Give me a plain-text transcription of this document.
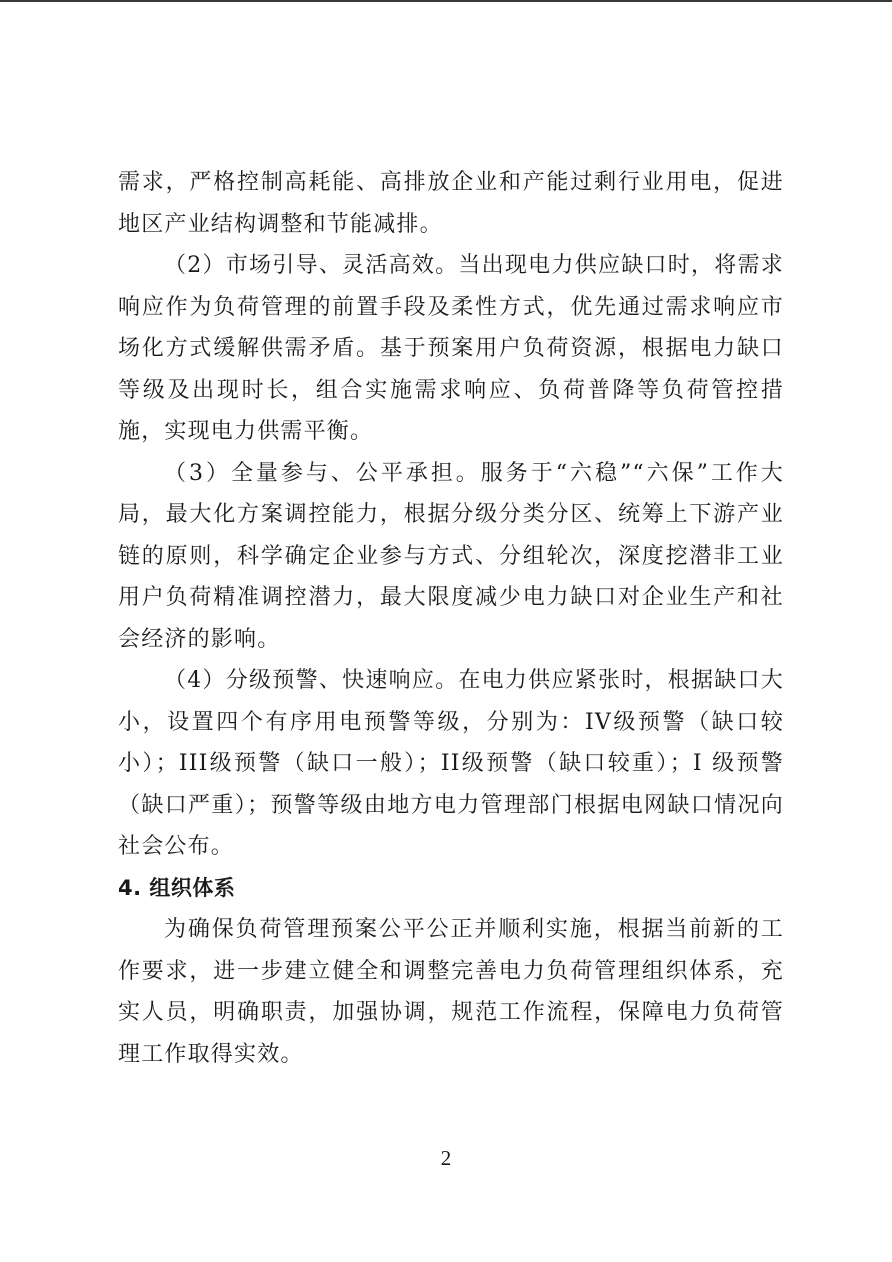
需求，严格控制高耗能、高排放企业和产能过剩行业用电，促进地区产业结构调整和节能减排。

（2）市场引导、灵活高效。当出现电力供应缺口时，将需求响应作为负荷管理的前置手段及柔性方式，优先通过需求响应市场化方式缓解供需矛盾。基于预案用户负荷资源，根据电力缺口等级及出现时长，组合实施需求响应、负荷普降等负荷管控措施，实现电力供需平衡。

（3）全量参与、公平承担。服务于“六稳”“六保”工作大局，最大化方案调控能力，根据分级分类分区、统筹上下游产业链的原则，科学确定企业参与方式、分组轮次，深度挖潜非工业用户负荷精准调控潜力，最大限度减少电力缺口对企业生产和社会经济的影响。

（4）分级预警、快速响应。在电力供应紧张时，根据缺口大小，设置四个有序用电预警等级，分别为：IV级预警（缺口较小）；III级预警（缺口一般）；II级预警（缺口较重）；I 级预警（缺口严重）；预警等级由地方电力管理部门根据电网缺口情况向社会公布。

4. 组织体系

为确保负荷管理预案公平公正并顺利实施，根据当前新的工作要求，进一步建立健全和调整完善电力负荷管理组织体系，充实人员，明确职责，加强协调，规范工作流程，保障电力负荷管理工作取得实效。

2
